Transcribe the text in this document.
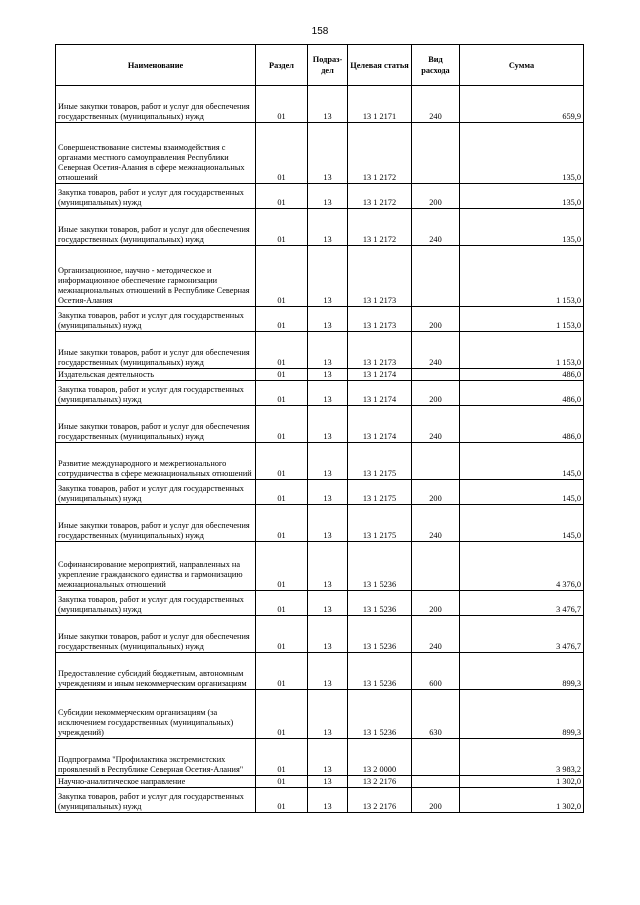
158
Наименование	Раздел	Подраз-дел	Целевая статья	Вид расхода	Сумма
Иные закупки товаров, работ и услуг для обеспечения государственных (муниципальных) нужд	01	13	13 1 2171	240	659,9
Совершенствование системы взаимодействия с органами местного самоуправления Республики Северная Осетия-Алания в сфере межнациональных отношений	01	13	13 1 2172		135,0
Закупка товаров, работ и услуг для государственных (муниципальных) нужд	01	13	13 1 2172	200	135,0
Иные закупки товаров, работ и услуг для обеспечения государственных (муниципальных) нужд	01	13	13 1 2172	240	135,0
Организационное, научно - методическое и информационное обеспечение гармонизации межнациональных отношений в Республике Северная Осетия-Алания	01	13	13 1 2173		1 153,0
Закупка товаров, работ и услуг для государственных (муниципальных) нужд	01	13	13 1 2173	200	1 153,0
Иные закупки товаров, работ и услуг для обеспечения государственных (муниципальных) нужд	01	13	13 1 2173	240	1 153,0
Издательская деятельность	01	13	13 1 2174		486,0
Закупка товаров, работ и услуг для государственных (муниципальных) нужд	01	13	13 1 2174	200	486,0
Иные закупки товаров, работ и услуг для обеспечения государственных (муниципальных) нужд	01	13	13 1 2174	240	486,0
Развитие международного и межрегионального сотрудничества в сфере межнациональных отношений	01	13	13 1 2175		145,0
Закупка товаров, работ и услуг для государственных (муниципальных) нужд	01	13	13 1 2175	200	145,0
Иные закупки товаров, работ и услуг для обеспечения государственных (муниципальных) нужд	01	13	13 1 2175	240	145,0
Софинансирование мероприятий, направленных на укрепление гражданского единства и гармонизацию межнациональных отношений	01	13	13 1 5236		4 376,0
Закупка товаров, работ и услуг для государственных (муниципальных) нужд	01	13	13 1 5236	200	3 476,7
Иные закупки товаров, работ и услуг для обеспечения государственных (муниципальных) нужд	01	13	13 1 5236	240	3 476,7
Предоставление субсидий бюджетным, автономным учреждениям и иным некоммерческим организациям	01	13	13 1 5236	600	899,3
Субсидии некоммерческим организациям (за исключением государственных (муниципальных) учреждений)	01	13	13 1 5236	630	899,3
Подпрограмма "Профилактика экстремистских проявлений в Республике Северная Осетия-Алания"	01	13	13 2 0000		3 983,2
Научно-аналитическое направление	01	13	13 2 2176		1 302,0
Закупка товаров, работ и услуг для государственных (муниципальных) нужд	01	13	13 2 2176	200	1 302,0
